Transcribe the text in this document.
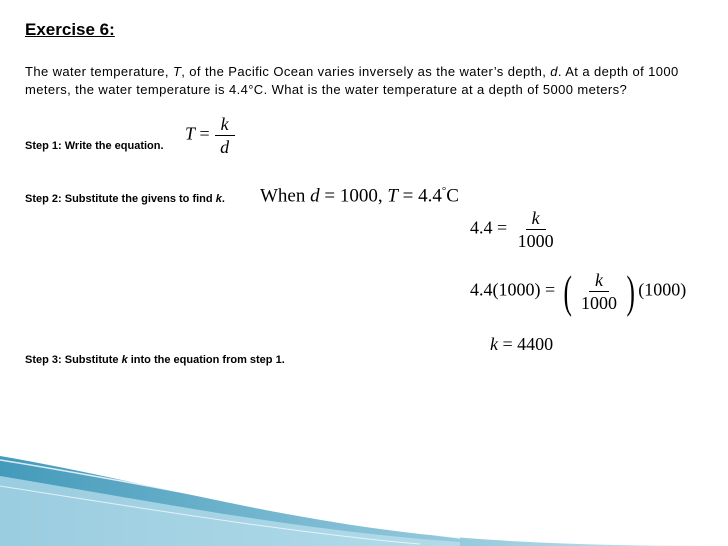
Exercise 6:
The water temperature, T, of the Pacific Ocean varies inversely as the water’s depth, d. At a depth of 1000 meters, the water temperature is 4.4°C. What is the water temperature at a depth of 5000 meters?
Step 1: Write the equation.
$T = \frac{k}{d}$
Step 2: Substitute the givens to find k. When d = 1000, T = 4.4°C
$4.4 = \frac{k}{1000}$
4.4(1000) = ( $\frac{k}{1000}$ ) (1000)
k = 4400
Step 3: Substitute k into the equation from step 1.
